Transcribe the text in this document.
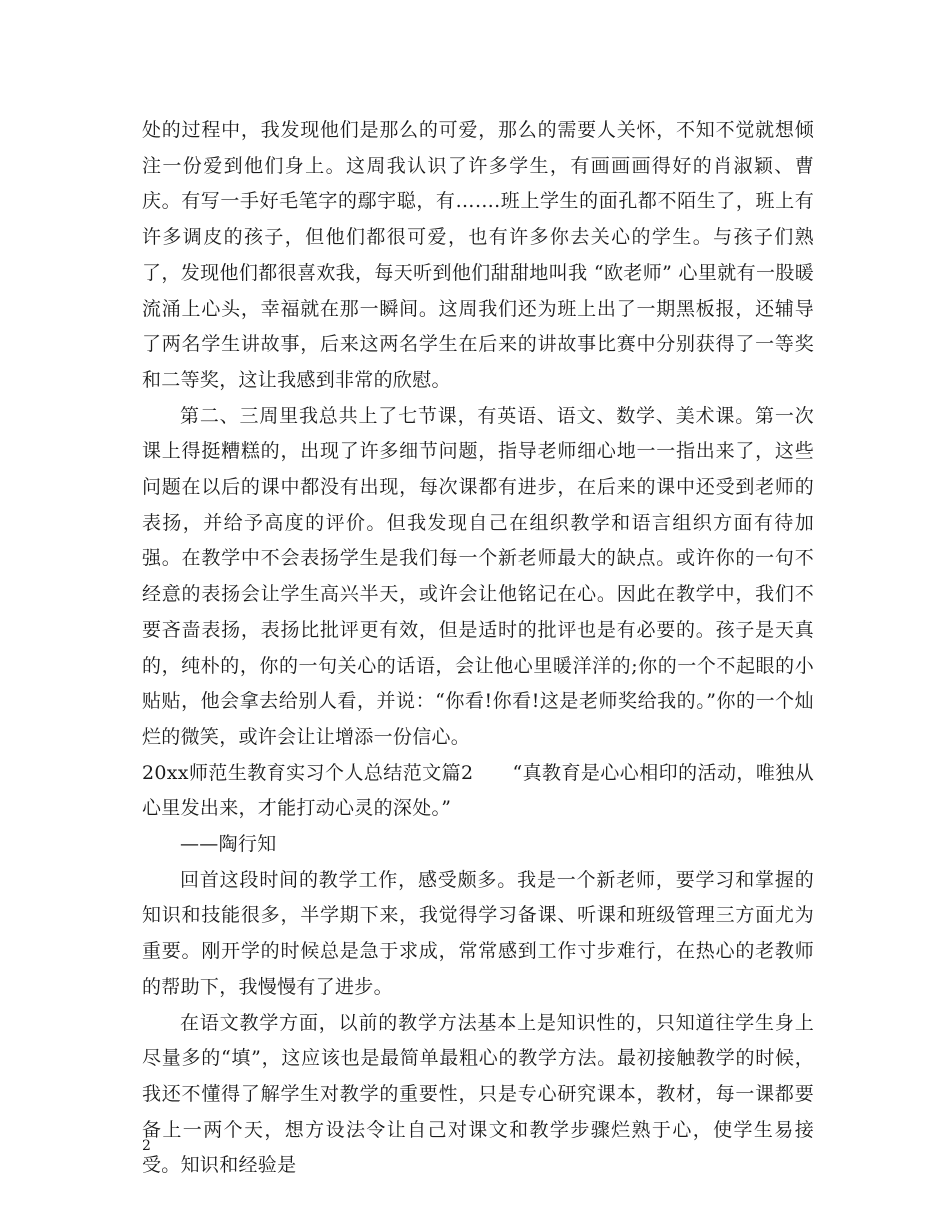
处的过程中，我发现他们是那么的可爱，那么的需要人关怀，不知不觉就想倾注一份爱到他们身上。这周我认识了许多学生，有画画画得好的肖淑颖、曹庆。有写一手好毛笔字的鄢宇聪，有…….班上学生的面孔都不陌生了，班上有许多调皮的孩子，但他们都很可爱，也有许多你去关心的学生。与孩子们熟了，发现他们都很喜欢我，每天听到他们甜甜地叫我 “欧老师” 心里就有一股暖流涌上心头，幸福就在那一瞬间。这周我们还为班上出了一期黑板报，还辅导了两名学生讲故事，后来这两名学生在后来的讲故事比赛中分别获得了一等奖和二等奖，这让我感到非常的欣慰。

第二、三周里我总共上了七节课，有英语、语文、数学、美术课。第一次课上得挺糟糕的，出现了许多细节问题，指导老师细心地一一指出来了，这些问题在以后的课中都没有出现，每次课都有进步，在后来的课中还受到老师的表扬，并给予高度的评价。但我发现自己在组织教学和语言组织方面有待加强。在教学中不会表扬学生是我们每一个新老师最大的缺点。或许你的一句不经意的表扬会让学生高兴半天，或许会让他铭记在心。因此在教学中，我们不要吝啬表扬，表扬比批评更有效，但是适时的批评也是有必要的。孩子是天真的，纯朴的，你的一句关心的话语，会让他心里暖洋洋的;你的一个不起眼的小贴贴，他会拿去给别人看，并说：“你看!你看!这是老师奖给我的。”你的一个灿烂的微笑，或许会让让增添一份信心。

20xx师范生教育实习个人总结范文篇2　　“真教育是心心相印的活动，唯独从心里发出来，才能打动心灵的深处。”

——陶行知

回首这段时间的教学工作，感受颇多。我是一个新老师，要学习和掌握的知识和技能很多，半学期下来，我觉得学习备课、听课和班级管理三方面尤为重要。刚开学的时候总是急于求成，常常感到工作寸步难行，在热心的老教师的帮助下，我慢慢有了进步。

在语文教学方面，以前的教学方法基本上是知识性的，只知道往学生身上尽量多的“填”，这应该也是最简单最粗心的教学方法。最初接触教学的时候，我还不懂得了解学生对教学的重要性，只是专心研究课本，教材，每一课都要备上一两个天，想方设法令让自己对课文和教学步骤烂熟于心，使学生易接受。知识和经验是

2
